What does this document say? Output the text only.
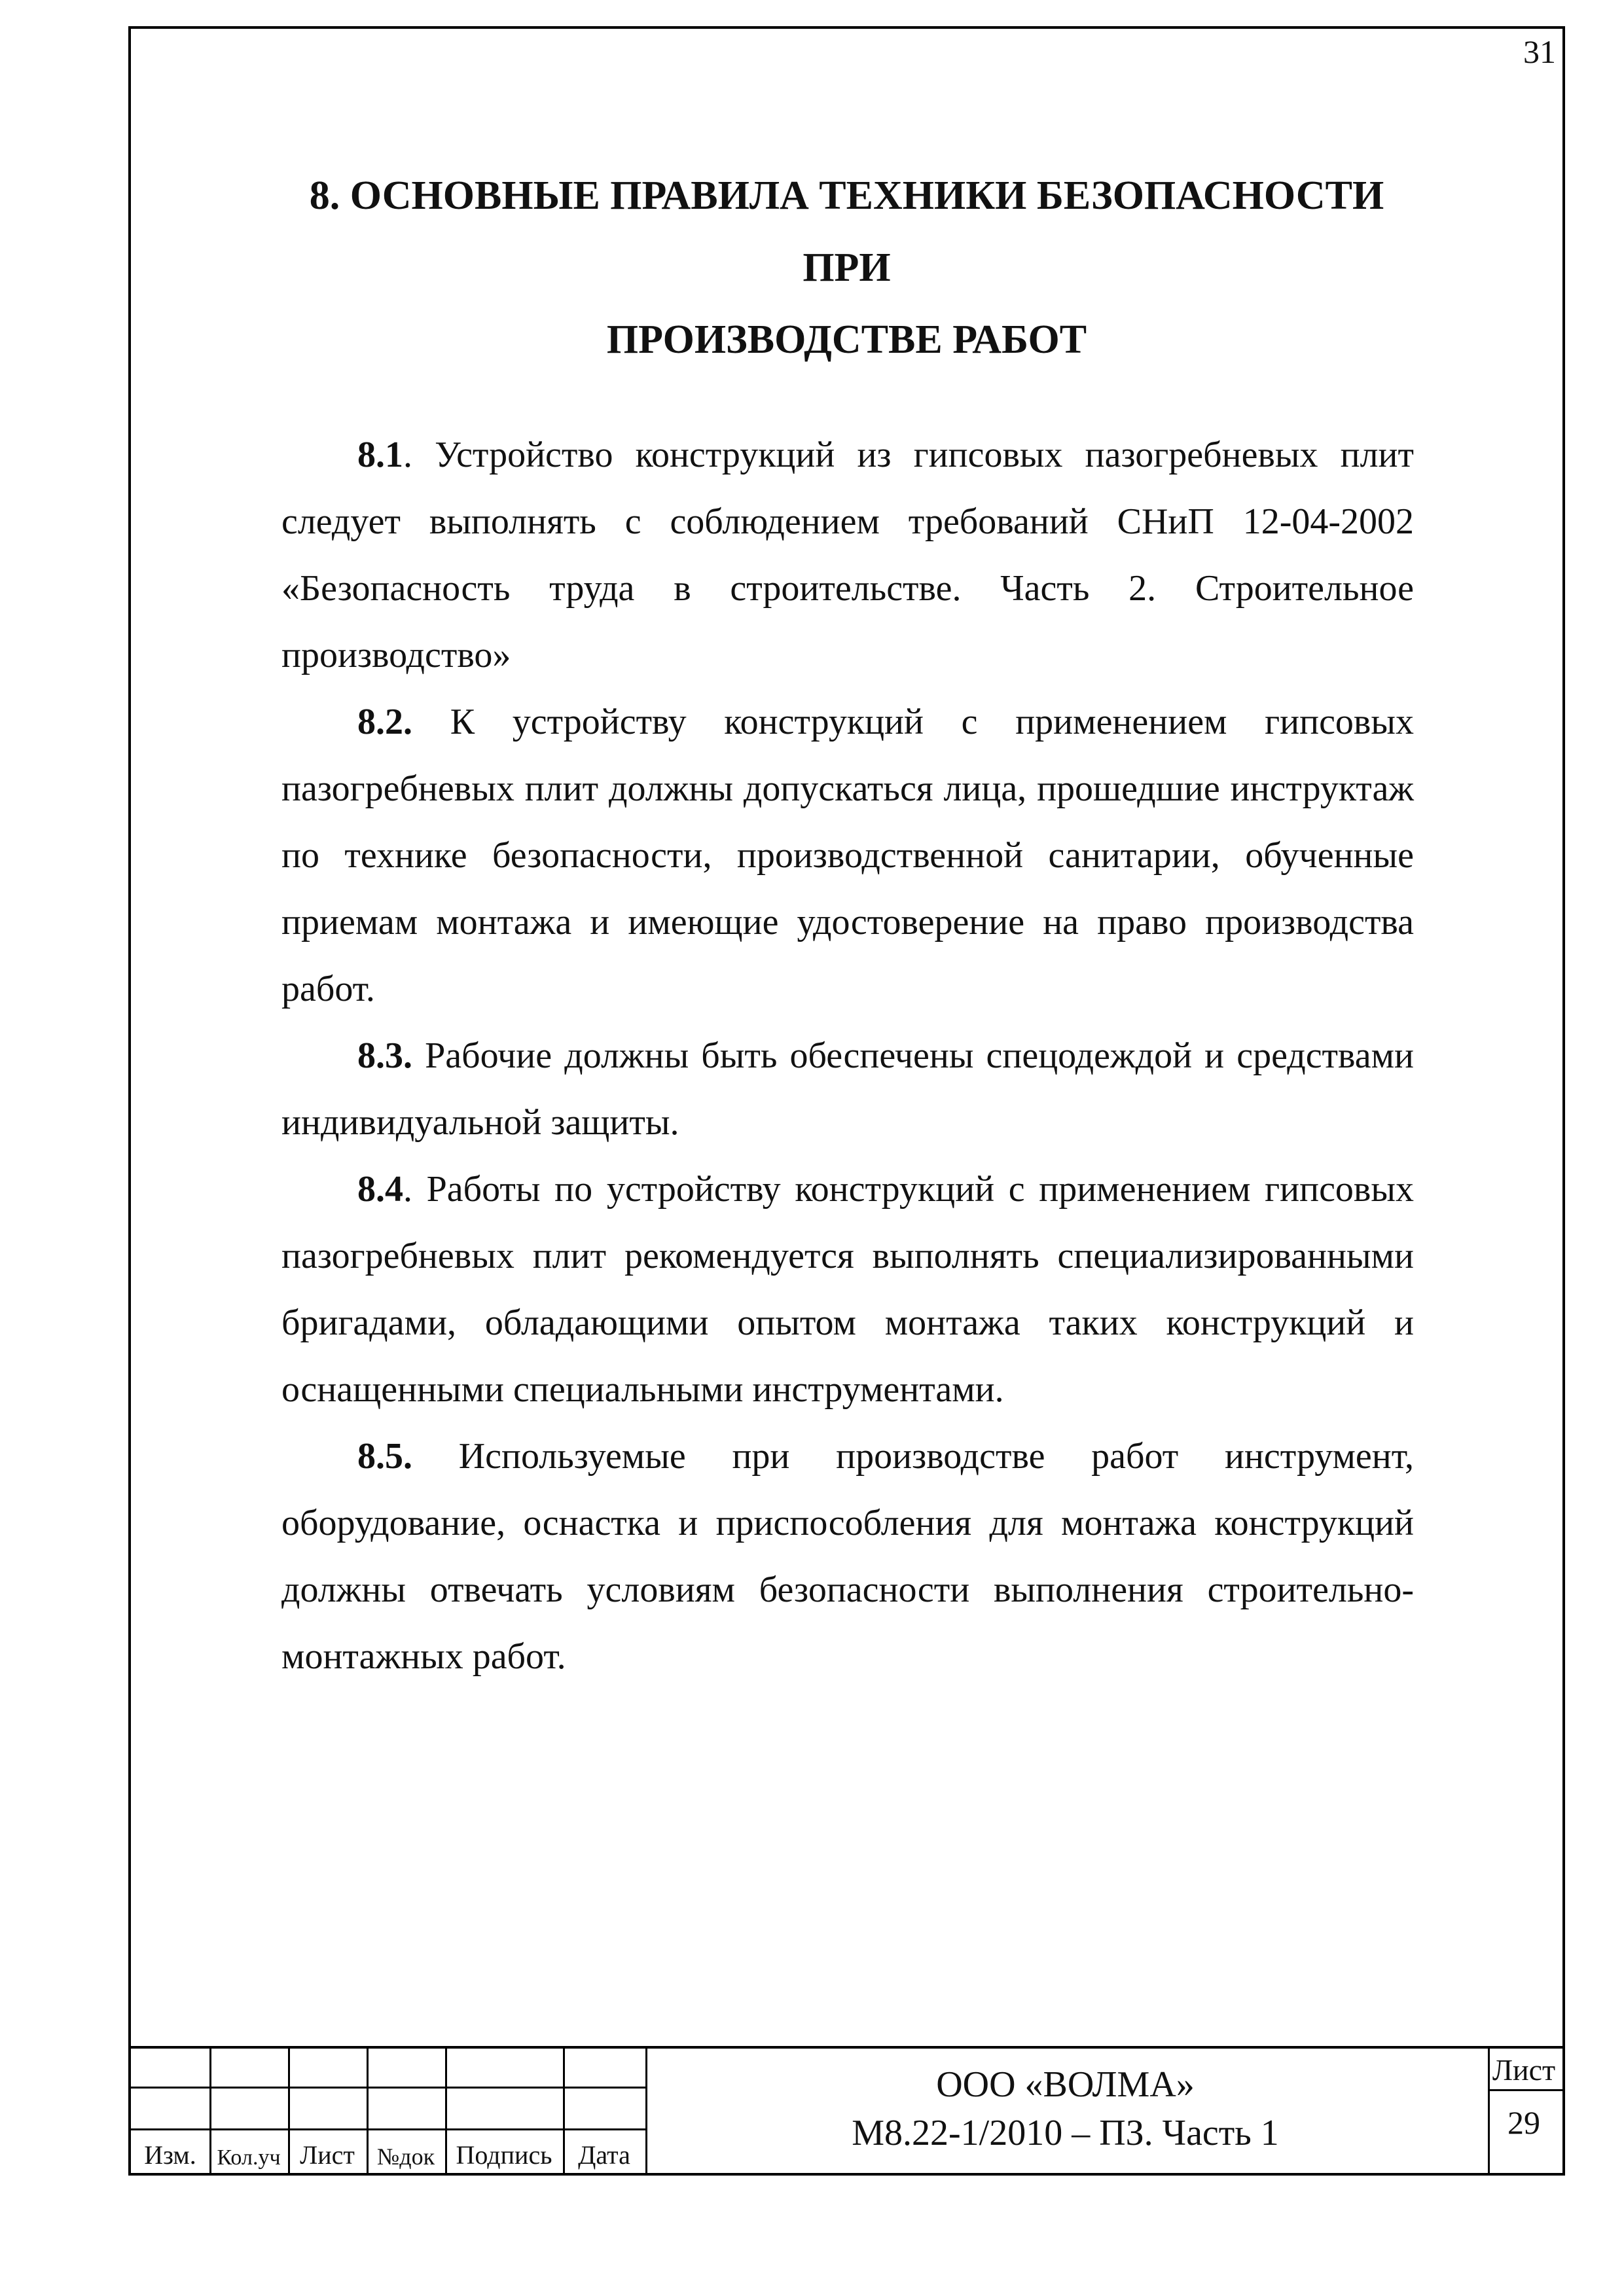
31
8. ОСНОВНЫЕ ПРАВИЛА ТЕХНИКИ БЕЗОПАСНОСТИ
ПРИ
ПРОИЗВОДСТВЕ РАБОТ

8.1. Устройство конструкций из гипсовых пазогребневых плит следует выполнять с соблюдением требований СНиП 12-04-2002 «Безопасность труда в строительстве. Часть 2. Строительное производство»

8.2. К устройству конструкций с применением гипсовых пазогребневых плит должны допускаться лица, прошедшие инструктаж по технике безопасности, производственной санитарии, обученные приемам монтажа и имеющие удостоверение на право производства работ.

8.3. Рабочие должны быть обеспечены спецодеждой и средствами индивидуальной защиты.

8.4. Работы по устройству конструкций с применением гипсовых пазогребневых плит рекомендуется выполнять специализированными бригадами, обладающими опытом монтажа таких конструкций и оснащенными специальными инструментами.

8.5. Используемые при производстве работ инструмент, оборудование, оснастка и приспособления для монтажа конструкций должны отвечать условиям безопасности выполнения строительно-монтажных работ.

Изм. Кол.уч Лист №док Подпись Дата
ООО «ВОЛМА»
М8.22-1/2010 – ПЗ. Часть 1
Лист
29
